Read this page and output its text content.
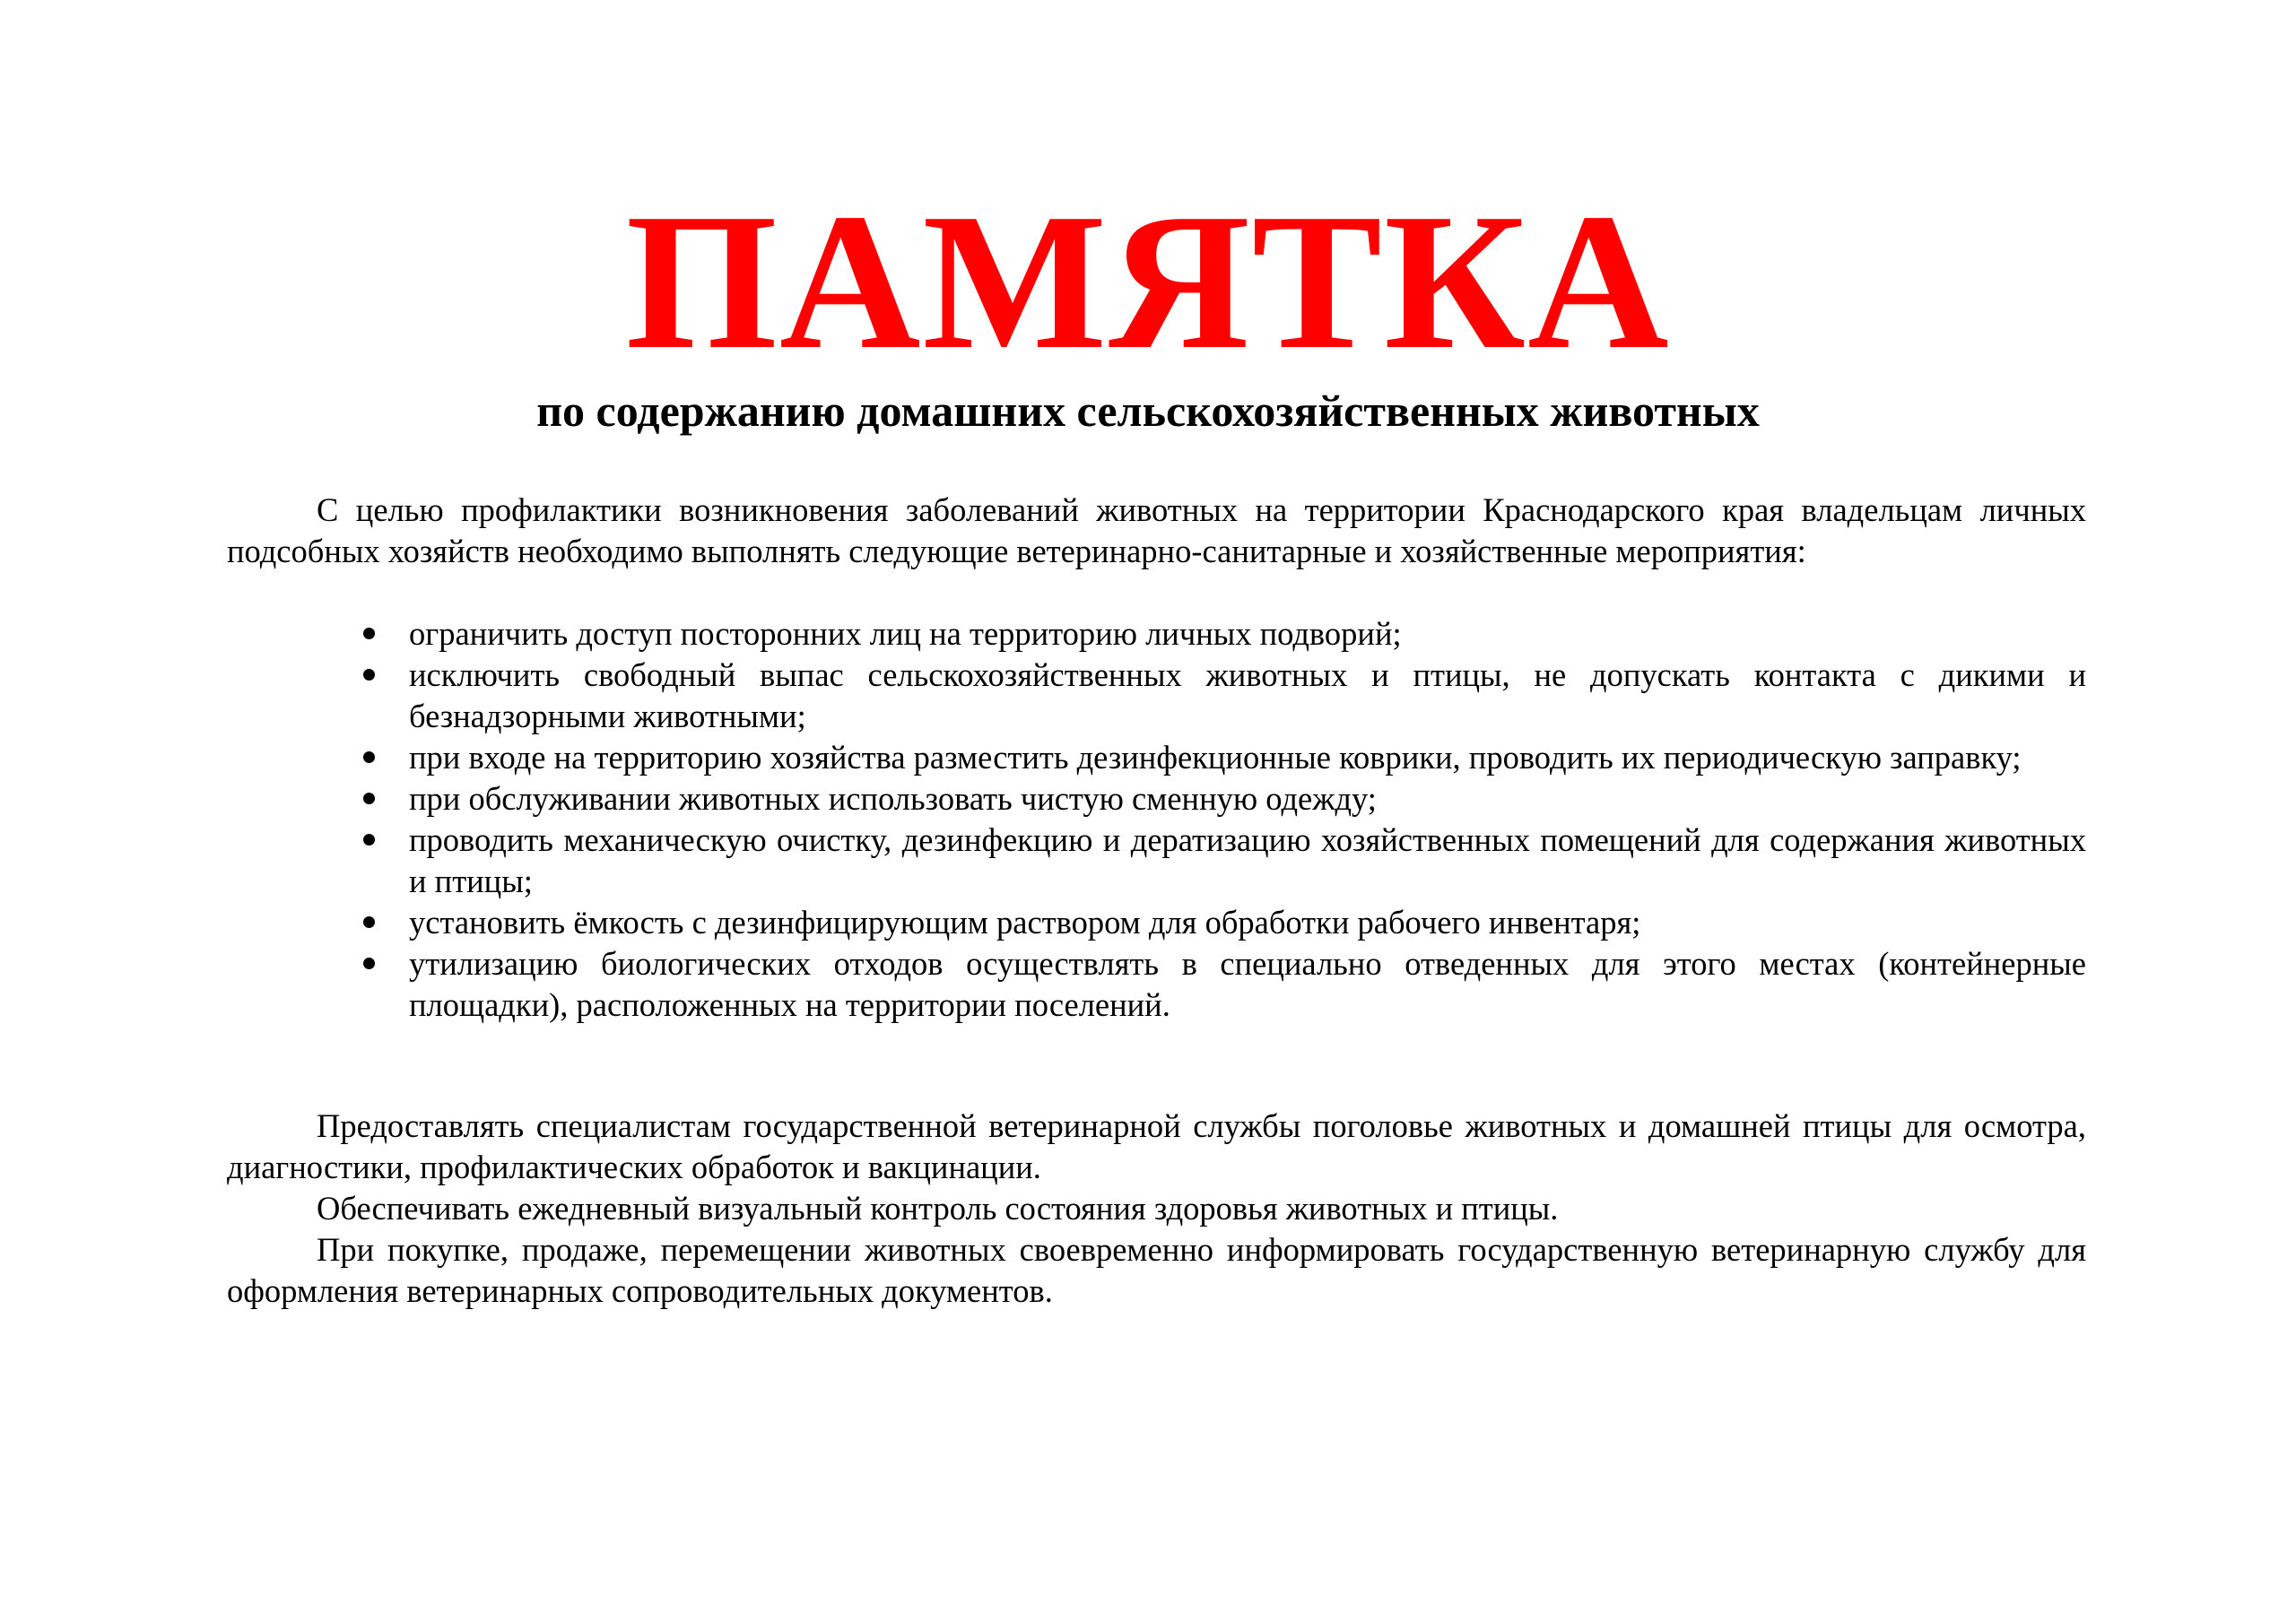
ПАМЯТКА
по содержанию домашних сельскохозяйственных животных

С целью профилактики возникновения заболеваний животных на территории Краснодарского края владельцам личных подсобных хозяйств необходимо выполнять следующие ветеринарно-санитарные и хозяйственные мероприятия:

ограничить доступ посторонних лиц на территорию личных подворий;
исключить свободный выпас сельскохозяйственных животных и птицы, не допускать контакта с дикими и безнадзорными животными;
при входе на территорию хозяйства разместить дезинфекционные коврики, проводить их периодическую заправку;
при обслуживании животных использовать чистую сменную одежду;
проводить механическую очистку, дезинфекцию и дератизацию хозяйственных помещений для содержания животных и птицы;
установить ёмкость с дезинфицирующим раствором для обработки рабочего инвентаря;
утилизацию биологических отходов осуществлять в специально отведенных для этого местах (контейнерные площадки), расположенных на территории поселений.

Предоставлять специалистам государственной ветеринарной службы поголовье животных и домашней птицы для осмотра, диагностики, профилактических обработок и вакцинации.

Обеспечивать ежедневный визуальный контроль состояния здоровья животных и птицы.

При покупке, продаже, перемещении животных своевременно информировать государственную ветеринарную службу для оформления ветеринарных сопроводительных документов.
